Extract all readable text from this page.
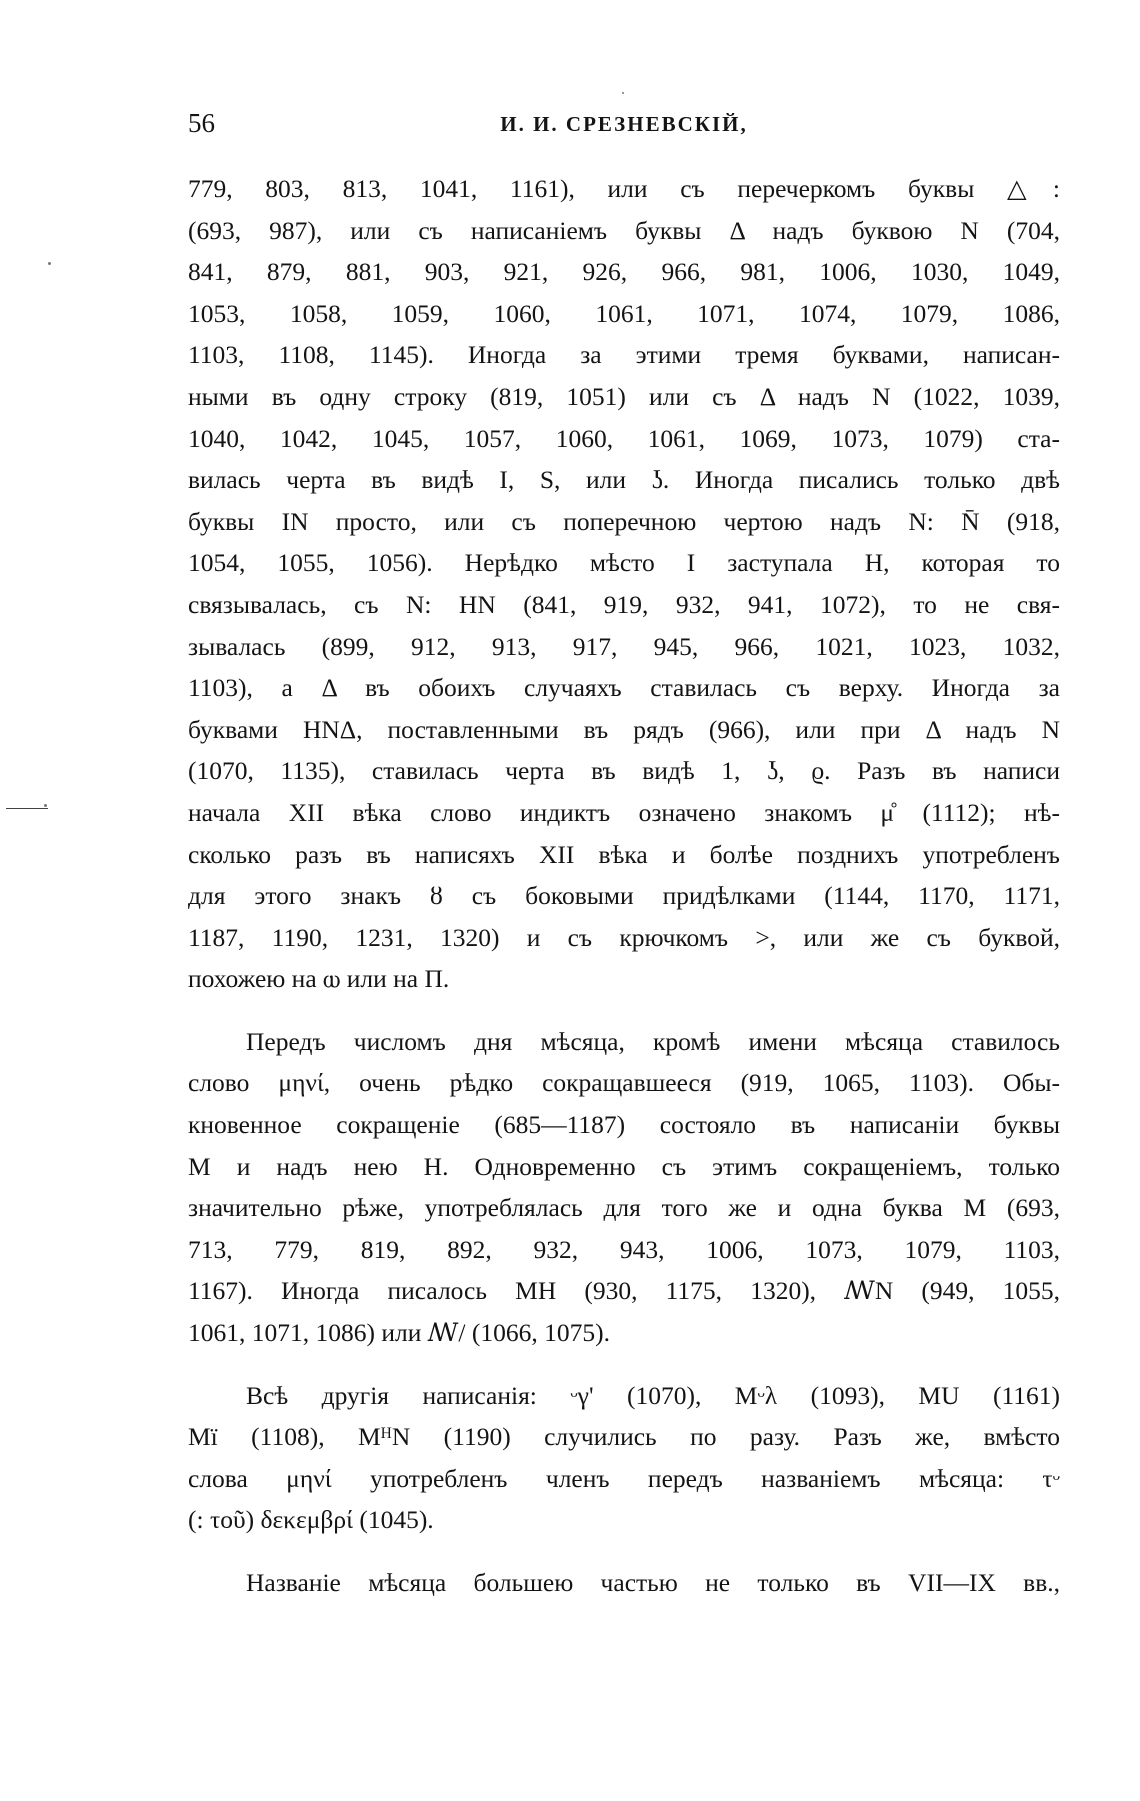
56	И. И. СРЕЗНЕВСКІЙ,
779, 803, 813, 1041, 1161), или съ перечеркомъ буквы △:
(693, 987), или съ написаніемъ буквы Δ надъ буквою N (704,
841, 879, 881, 903, 921, 926, 966, 981, 1006, 1030, 1049,
1053, 1058, 1059, 1060, 1061, 1071, 1074, 1079, 1086,
1103, 1108, 1145). Иногда за этими тремя буквами, написан-
ными въ одну строку (819, 1051) или съ Δ надъ N (1022, 1039,
1040, 1042, 1045, 1057, 1060, 1061, 1069, 1073, 1079) ста-
вилась черта въ видѣ I, S, или ʖ. Иногда писались только двѣ
буквы IN просто, или съ поперечною чертою надъ N: N̄ (918,
1054, 1055, 1056). Нерѣдко мѣсто I заступала Н, которая то
связывалась, съ N: HN (841, 919, 932, 941, 1072), то не свя-
зывалась (899, 912, 913, 917, 945, 966, 1021, 1023, 1032,
1103), а Δ въ обоихъ случаяхъ ставилась съ верху. Иногда за
буквами HNΔ, поставленными въ рядъ (966), или при Δ надъ N
(1070, 1135), ставилась черта въ видѣ 1, ʖ, ϱ. Разъ въ написи
начала XII вѣка слово индиктъ означено знакомъ μ̊ (1112); нѣ-
сколько разъ въ написяхъ XII вѣка и болѣе позднихъ употребленъ
для этого знакъ ȣ съ боковыми придѣлками (1144, 1170, 1171,
1187, 1190, 1231, 1320) и съ крючкомъ >, или же съ буквой,
похожею на ⲱ или на П.
Передъ числомъ дня мѣсяца, кромѣ имени мѣсяца ставилось
слово μηνί, очень рѣдко сокращавшееся (919, 1065, 1103). Обы-
кновенное сокращеніе (685—1187) состояло въ написаніи буквы
М и надъ нею Н. Одновременно съ этимъ сокращеніемъ, только
значительно рѣже, употреблялась для того же и одна буква М (693,
713, 779, 819, 892, 932, 943, 1006, 1073, 1079, 1103,
1167). Иногда писалось МН (930, 1175, 1320), ꟿN (949, 1055,
1061, 1071, 1086) или ꟿ/ (1066, 1075).
Всѣ другія написанія: ᵕγ' (1070), Mᵕλ (1093), MU (1161)
Mï (1108), MᴴN (1190) случились по разу. Разъ же, вмѣсто
слова μηνί употребленъ членъ передъ названіемъ мѣсяца: τᵕ
(: τοῦ) δεκεμβρί (1045).
Названіе мѣсяца большею частью не только въ VII—IX вв.,
